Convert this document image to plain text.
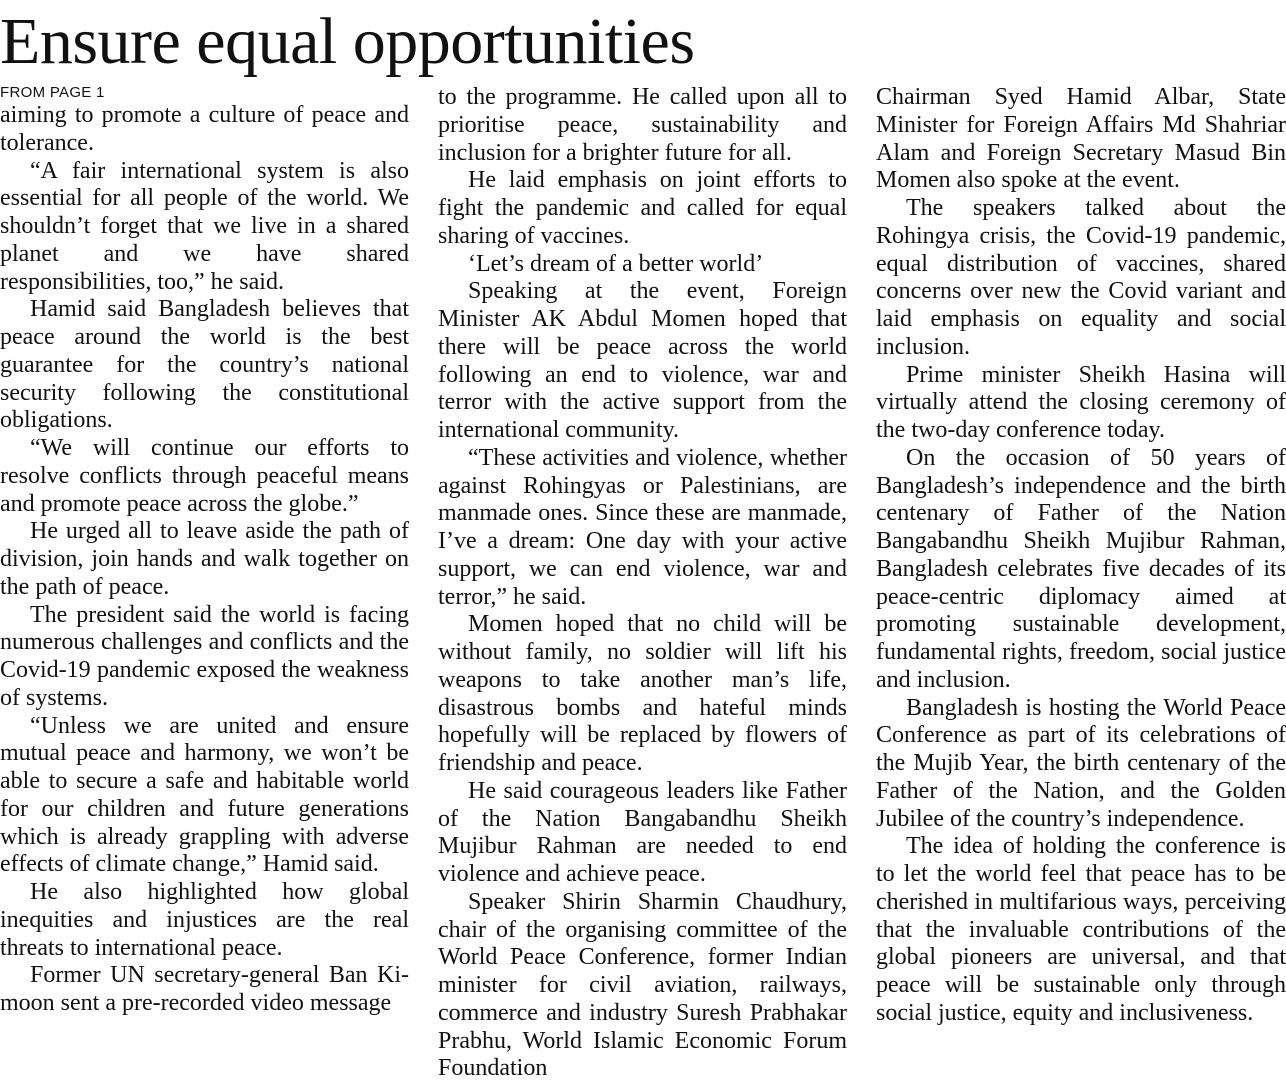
Ensure equal opportunities
FROM PAGE 1

aiming to promote a culture of peace and tolerance.

“A fair international system is also essential for all people of the world. We shouldn’t forget that we live in a shared planet and we have shared responsibilities, too,” he said.

Hamid said Bangladesh believes that peace around the world is the best guarantee for the country’s national security following the constitutional obligations.

“We will continue our efforts to resolve conflicts through peaceful means and promote peace across the globe.”

He urged all to leave aside the path of division, join hands and walk together on the path of peace.

The president said the world is facing numerous challenges and conflicts and the Covid-19 pandemic exposed the weakness of systems.

“Unless we are united and ensure mutual peace and harmony, we won’t be able to secure a safe and habitable world for our children and future generations which is already grappling with adverse effects of climate change,” Hamid said.

He also highlighted how global inequities and injustices are the real threats to international peace.

Former UN secretary-general Ban Ki-moon sent a pre-recorded video message

to the programme. He called upon all to prioritise peace, sustainability and inclusion for a brighter future for all.

He laid emphasis on joint efforts to fight the pandemic and called for equal sharing of vaccines.

‘Let’s dream of a better world’

Speaking at the event, Foreign Minister AK Abdul Momen hoped that there will be peace across the world following an end to violence, war and terror with the active support from the international community.

“These activities and violence, whether against Rohingyas or Palestinians, are manmade ones. Since these are manmade, I’ve a dream: One day with your active support, we can end violence, war and terror,” he said.

Momen hoped that no child will be without family, no soldier will lift his weapons to take another man’s life, disastrous bombs and hateful minds hopefully will be replaced by flowers of friendship and peace.

He said courageous leaders like Father of the Nation Bangabandhu Sheikh Mujibur Rahman are needed to end violence and achieve peace.

Speaker Shirin Sharmin Chaudhury, chair of the organising committee of the World Peace Conference, former Indian minister for civil aviation, railways, commerce and industry Suresh Prabhakar Prabhu, World Islamic Economic Forum Foundation

Chairman Syed Hamid Albar, State Minister for Foreign Affairs Md Shahriar Alam and Foreign Secretary Masud Bin Momen also spoke at the event.

The speakers talked about the Rohingya crisis, the Covid-19 pandemic, equal distribution of vaccines, shared concerns over new the Covid variant and laid emphasis on equality and social inclusion.

Prime minister Sheikh Hasina will virtually attend the closing ceremony of the two-day conference today.

On the occasion of 50 years of Bangladesh’s independence and the birth centenary of Father of the Nation Bangabandhu Sheikh Mujibur Rahman, Bangladesh celebrates five decades of its peace-centric diplomacy aimed at promoting sustainable development, fundamental rights, freedom, social justice and inclusion.

Bangladesh is hosting the World Peace Conference as part of its celebrations of the Mujib Year, the birth centenary of the Father of the Nation, and the Golden Jubilee of the country’s independence.

The idea of holding the conference is to let the world feel that peace has to be cherished in multifarious ways, perceiving that the invaluable contributions of the global pioneers are universal, and that peace will be sustainable only through social justice, equity and inclusiveness.
